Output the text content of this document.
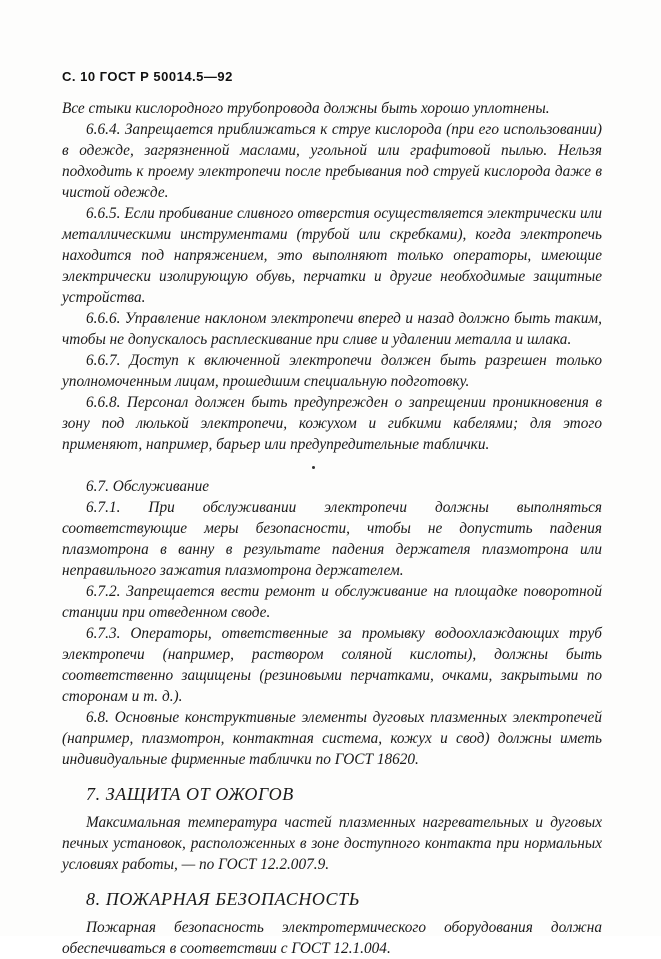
С. 10 ГОСТ Р 50014.5—92

Все стыки кислородного трубопровода должны быть хорошо уплотнены.

6.6.4. Запрещается приближаться к струе кислорода (при его использовании) в одежде, загрязненной маслами, угольной или графитовой пылью. Нельзя подходить к проему электропечи после пребывания под струей кислорода даже в чистой одежде.

6.6.5. Если пробивание сливного отверстия осуществляется электрически или металлическими инструментами (трубой или скребками), когда электропечь находится под напряжением, это выполняют только операторы, имеющие электрически изолирующую обувь, перчатки и другие необходимые защитные устройства.

6.6.6. Управление наклоном электропечи вперед и назад должно быть таким, чтобы не допускалось расплескивание при сливе и удалении металла и шлака.

6.6.7. Доступ к включенной электропечи должен быть разрешен только уполномоченным лицам, прошедшим специальную подготовку.

6.6.8. Персонал должен быть предупрежден о запрещении проникновения в зону под люлькой электропечи, кожухом и гибкими кабелями; для этого применяют, например, барьер или предупредительные таблички.

6.7. Обслуживание

6.7.1. При обслуживании электропечи должны выполняться соответствующие меры безопасности, чтобы не допустить падения плазмотрона в ванну в результате падения держателя плазмотрона или неправильного зажатия плазмотрона держателем.

6.7.2. Запрещается вести ремонт и обслуживание на площадке поворотной станции при отведенном своде.

6.7.3. Операторы, ответственные за промывку водоохлаждающих труб электропечи (например, раствором соляной кислоты), должны быть соответственно защищены (резиновыми перчатками, очками, закрытыми по сторонам и т. д.).

6.8. Основные конструктивные элементы дуговых плазменных электропечей (например, плазмотрон, контактная система, кожух и свод) должны иметь индивидуальные фирменные таблички по ГОСТ 18620.

7. ЗАЩИТА ОТ ОЖОГОВ

Максимальная температура частей плазменных нагревательных и дуговых печных установок, расположенных в зоне доступного контакта при нормальных условиях работы, — по ГОСТ 12.2.007.9.

8. ПОЖАРНАЯ БЕЗОПАСНОСТЬ

Пожарная безопасность электротермического оборудования должна обеспечиваться в соответствии с ГОСТ 12.1.004.
